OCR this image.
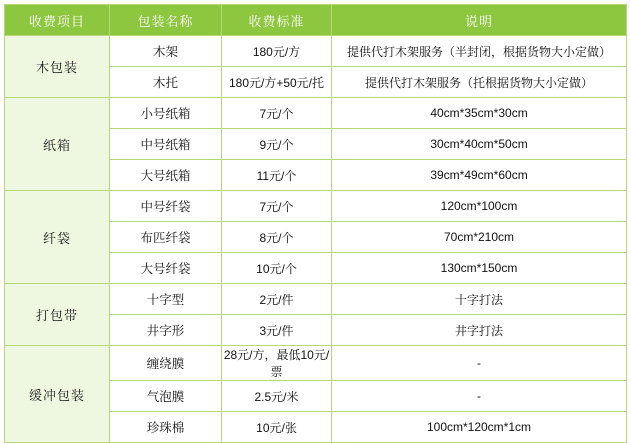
收费项目	包装名称	收费标准	说明
木包装	木架	180元/方	提供代打木架服务（半封闭，根据货物大小定做）
	木托	180元/方+50元/托	提供代打木架服务（托根据货物大小定做）
纸箱	小号纸箱	7元/个	40cm*35cm*30cm
	中号纸箱	9元/个	30cm*40cm*50cm
	大号纸箱	11元/个	39cm*49cm*60cm
纤袋	中号纤袋	7元/个	120cm*100cm
	布匹纤袋	8元/个	70cm*210cm
	大号纤袋	10元/个	130cm*150cm
打包带	十字型	2元/件	十字打法
	井字形	3元/件	井字打法
缓冲包装	缠绕膜	28元/方，最低10元/票	-
	气泡膜	2.5元/米	-
	珍珠棉	10元/张	100cm*120cm*1cm
